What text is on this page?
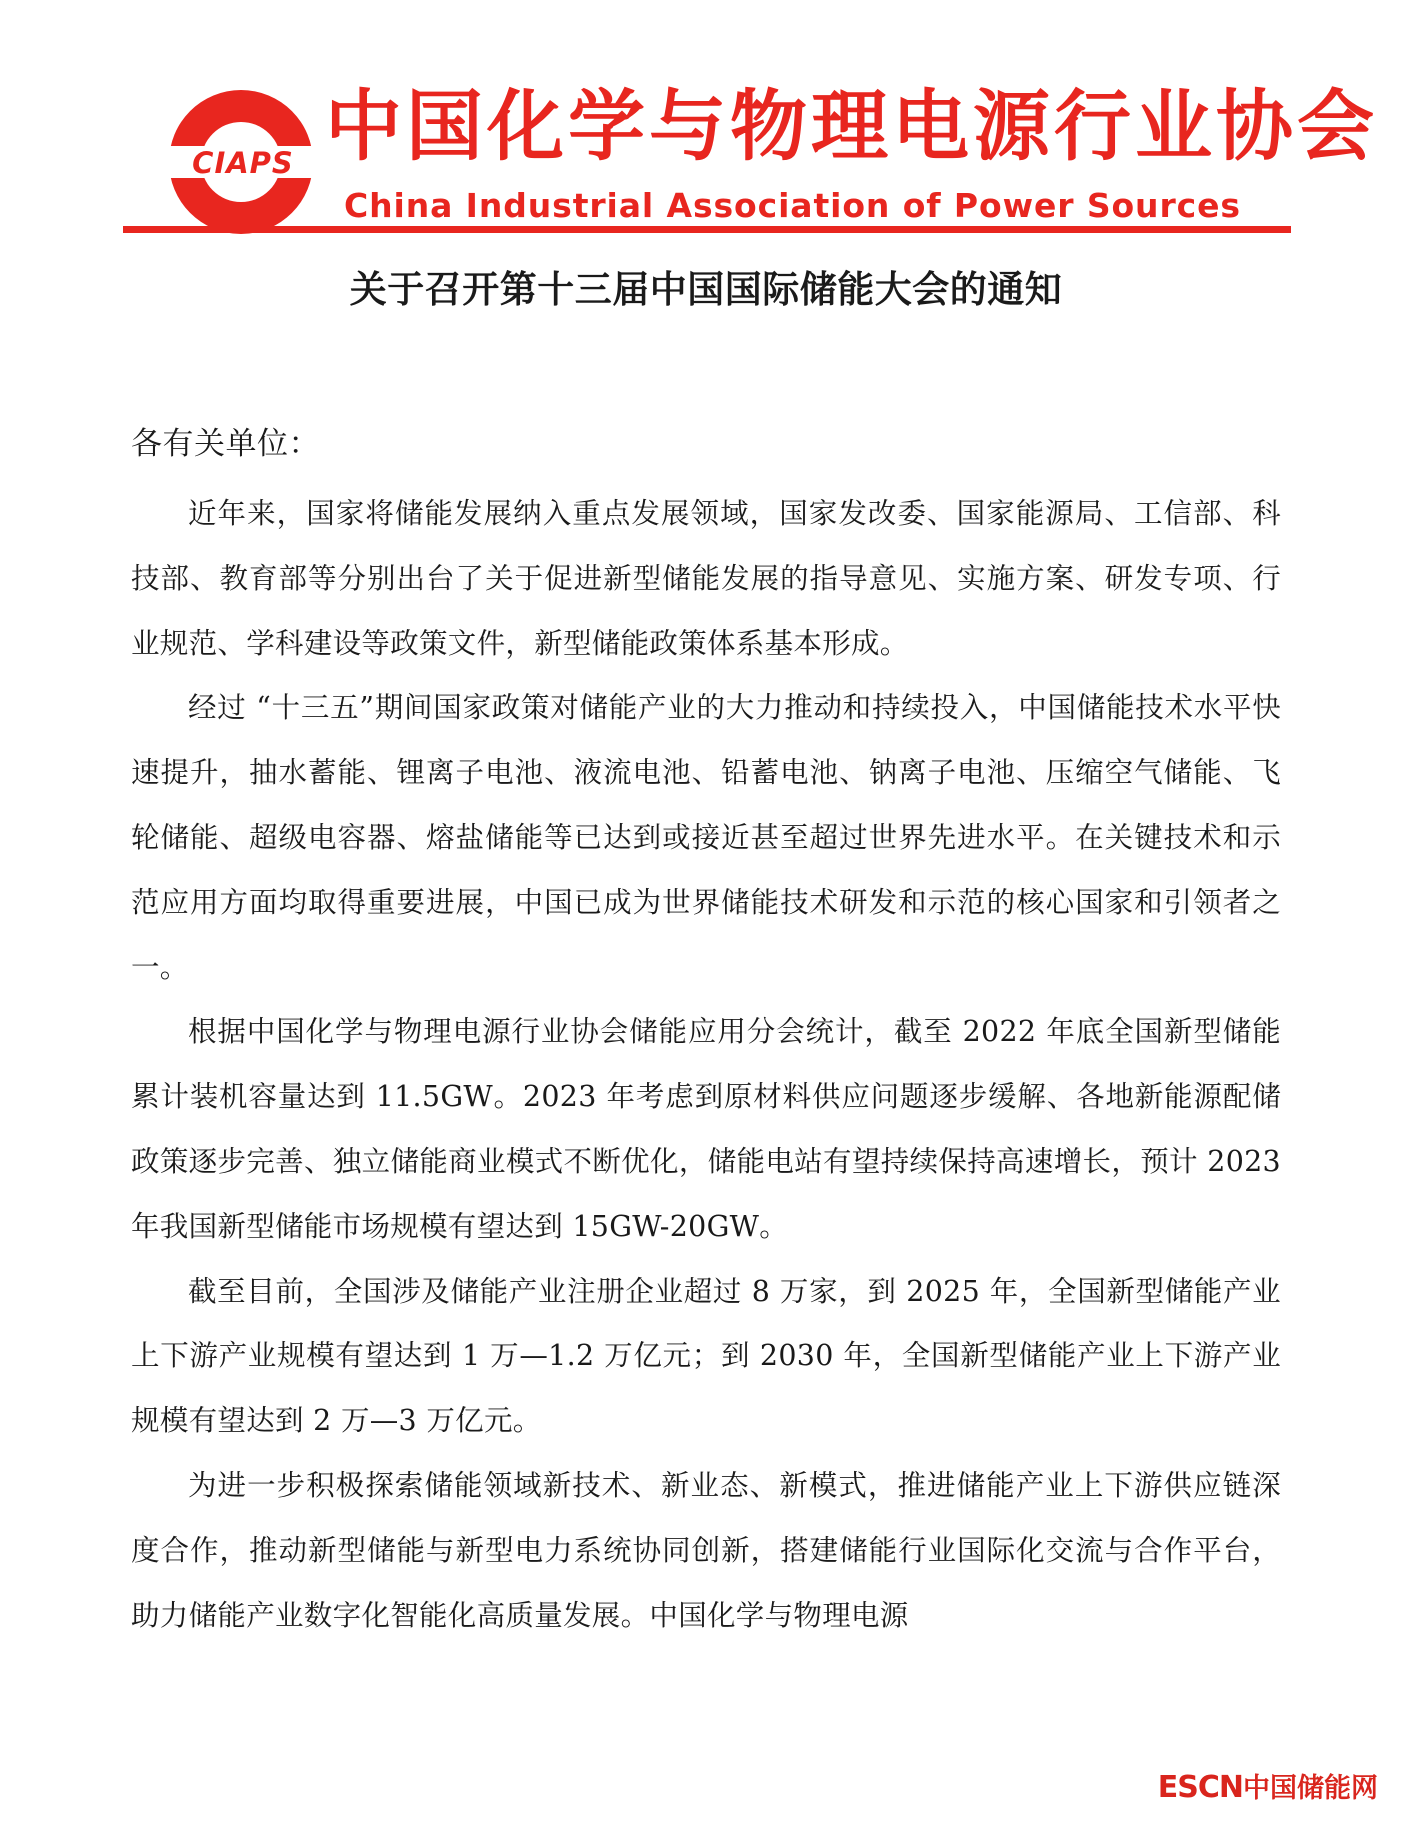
CIAPS 中国化学与物理电源行业协会
China Industrial Association of Power Sources
关于召开第十三届中国国际储能大会的通知
各有关单位：

近年来，国家将储能发展纳入重点发展领域，国家发改委、国家能源局、工信部、科技部、教育部等分别出台了关于促进新型储能发展的指导意见、实施方案、研发专项、行业规范、学科建设等政策文件，新型储能政策体系基本形成。

经过 “十三五”期间国家政策对储能产业的大力推动和持续投入，中国储能技术水平快速提升，抽水蓄能、锂离子电池、液流电池、铅蓄电池、钠离子电池、压缩空气储能、飞轮储能、超级电容器、熔盐储能等已达到或接近甚至超过世界先进水平。在关键技术和示范应用方面均取得重要进展，中国已成为世界储能技术研发和示范的核心国家和引领者之一。

根据中国化学与物理电源行业协会储能应用分会统计，截至 2022 年底全国新型储能累计装机容量达到 11.5GW。2023 年考虑到原材料供应问题逐步缓解、各地新能源配储政策逐步完善、独立储能商业模式不断优化，储能电站有望持续保持高速增长，预计 2023 年我国新型储能市场规模有望达到 15GW-20GW。

截至目前，全国涉及储能产业注册企业超过 8 万家，到 2025 年，全国新型储能产业上下游产业规模有望达到 1 万—1.2 万亿元；到 2030 年，全国新型储能产业上下游产业规模有望达到 2 万—3 万亿元。

为进一步积极探索储能领域新技术、新业态、新模式，推进储能产业上下游供应链深度合作，推动新型储能与新型电力系统协同创新，搭建储能行业国际化交流与合作平台，助力储能产业数字化智能化高质量发展。中国化学与物理电源

ESCN中国储能网
